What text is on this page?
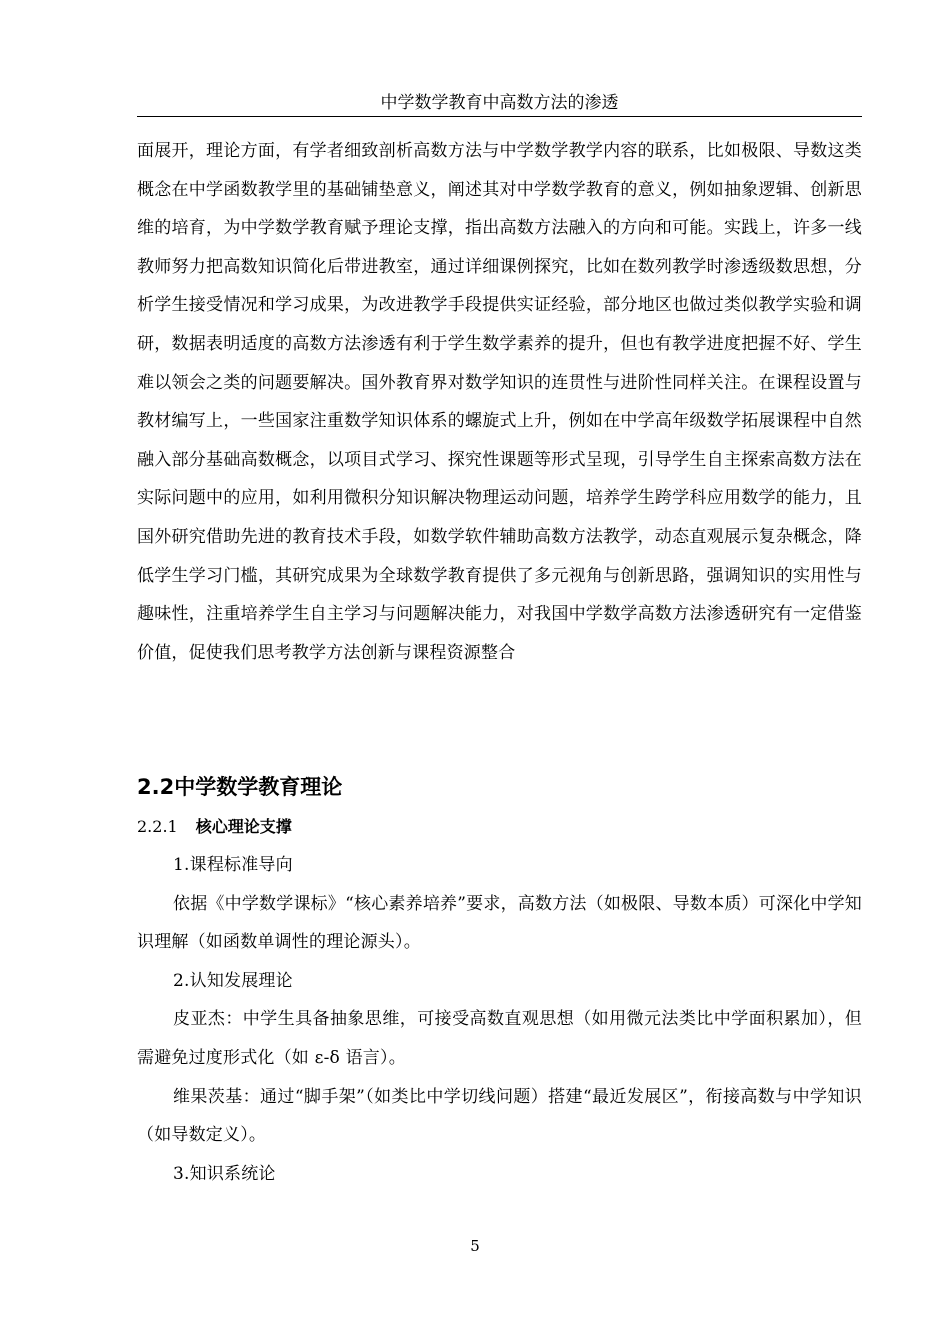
中学数学教育中高数方法的渗透

面展开，理论方面，有学者细致剖析高数方法与中学数学教学内容的联系，比如极限、导数这类概念在中学函数教学里的基础铺垫意义，阐述其对中学数学教育的意义，例如抽象逻辑、创新思维的培育，为中学数学教育赋予理论支撑，指出高数方法融入的方向和可能。实践上，许多一线教师努力把高数知识简化后带进教室，通过详细课例探究，比如在数列教学时渗透级数思想，分析学生接受情况和学习成果，为改进教学手段提供实证经验，部分地区也做过类似教学实验和调研，数据表明适度的高数方法渗透有利于学生数学素养的提升，但也有教学进度把握不好、学生难以领会之类的问题要解决。国外教育界对数学知识的连贯性与进阶性同样关注。在课程设置与教材编写上，一些国家注重数学知识体系的螺旋式上升，例如在中学高年级数学拓展课程中自然融入部分基础高数概念，以项目式学习、探究性课题等形式呈现，引导学生自主探索高数方法在实际问题中的应用，如利用微积分知识解决物理运动问题，培养学生跨学科应用数学的能力，且国外研究借助先进的教育技术手段，如数学软件辅助高数方法教学，动态直观展示复杂概念，降低学生学习门槛，其研究成果为全球数学教育提供了多元视角与创新思路，强调知识的实用性与趣味性，注重培养学生自主学习与问题解决能力，对我国中学数学高数方法渗透研究有一定借鉴价值，促使我们思考教学方法创新与课程资源整合

2.2中学数学教育理论
2.2.1 核心理论支撑

1.课程标准导向

依据《中学数学课标》“核心素养培养”要求，高数方法（如极限、导数本质）可深化中学知识理解（如函数单调性的理论源头）。

2.认知发展理论

皮亚杰：中学生具备抽象思维，可接受高数直观思想（如用微元法类比中学面积累加），但需避免过度形式化（如 ε-δ 语言）。

维果茨基：通过“脚手架”（如类比中学切线问题）搭建“最近发展区”，衔接高数与中学知识（如导数定义）。

3.知识系统论

5
